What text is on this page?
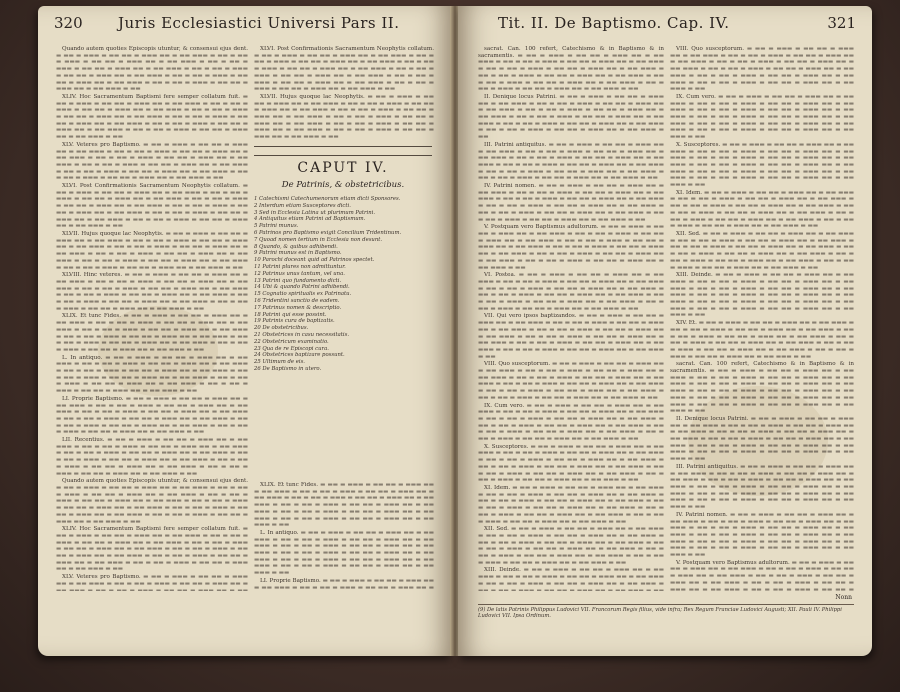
320 Juris Ecclesiastici Universi Pars II.

Quando autem quoties Episcopis utuntur, & consensui ejus dent. ▬ ▬▬ ▬ ▬▬▬ ▬ ▬▬ ▬▬ ▬ ▬▬▬ ▬▬ ▬ ▬▬ ▬▬▬ ▬ ▬▬ ▬ ▬▬ ▬ ▬▬▬ ▬ ▬▬ ▬▬ ▬ ▬▬▬ ▬▬ ▬ ▬▬ ▬▬▬ ▬ ▬▬ ▬ ▬▬ ▬ ▬▬▬ ▬ ▬▬ ▬▬ ▬ ▬▬▬ ▬▬ ▬ ▬▬ ▬▬▬ ▬ ▬▬ ▬ ▬▬ ▬ ▬▬▬ ▬ ▬▬ ▬▬ ▬ ▬▬▬ ▬▬ ▬ ▬▬ ▬▬▬ ▬ ▬▬ ▬ ▬▬ ▬ ▬▬▬ ▬ ▬▬ ▬▬ ▬ ▬▬▬ ▬▬ ▬ ▬▬ ▬▬▬ ▬ ▬▬ ▬ ▬▬ ▬ ▬▬▬ ▬ ▬▬ ▬▬ ▬ ▬▬▬ ▬▬ ▬ ▬▬ ▬▬▬ ▬ ▬▬

XLIV. Hoc Sacramentum Baptismi fere semper collatum fuit. ▬ ▬▬ ▬ ▬▬▬ ▬ ▬▬ ▬▬ ▬ ▬▬▬ ▬▬ ▬ ▬▬ ▬▬▬ ▬ ▬▬ ▬ ▬▬ ▬ ▬▬▬ ▬ ▬▬ ▬▬ ▬ ▬▬▬ ▬▬ ▬ ▬▬ ▬▬▬ ▬ ▬▬ ▬ ▬▬ ▬ ▬▬▬ ▬ ▬▬ ▬▬ ▬ ▬▬▬ ▬▬ ▬ ▬▬ ▬▬▬ ▬ ▬▬ ▬ ▬▬ ▬ ▬▬▬ ▬ ▬▬ ▬▬ ▬ ▬▬▬ ▬▬ ▬ ▬▬ ▬▬▬ ▬ ▬▬ ▬ ▬▬ ▬ ▬▬▬ ▬ ▬▬ ▬▬ ▬ ▬▬▬ ▬▬ ▬ ▬▬ ▬▬▬ ▬ ▬▬ ▬ ▬▬ ▬ ▬▬▬ ▬ ▬▬ ▬▬ ▬ ▬▬▬ ▬▬ ▬ ▬▬ ▬▬▬ ▬ ▬▬

XLV. Veteres pro Baptismo. ▬ ▬▬ ▬ ▬▬▬ ▬ ▬▬ ▬▬ ▬ ▬▬▬ ▬▬ ▬ ▬▬ ▬▬▬ ▬ ▬▬ ▬ ▬▬ ▬ ▬▬▬ ▬ ▬▬ ▬▬ ▬ ▬▬▬ ▬▬ ▬ ▬▬ ▬▬▬ ▬ ▬▬ ▬ ▬▬ ▬ ▬▬▬ ▬ ▬▬ ▬▬ ▬ ▬▬▬ ▬▬ ▬ ▬▬ ▬▬▬ ▬ ▬▬ ▬ ▬▬ ▬ ▬▬▬ ▬ ▬▬ ▬▬ ▬ ▬▬▬ ▬▬ ▬ ▬▬ ▬▬▬ ▬ ▬▬ ▬ ▬▬ ▬ ▬▬▬ ▬ ▬▬ ▬▬ ▬ ▬▬▬ ▬▬ ▬ ▬▬ ▬▬▬ ▬ ▬▬ ▬ ▬▬ ▬ ▬▬▬ ▬ ▬▬ ▬▬ ▬ ▬▬▬ ▬▬ ▬ ▬▬ ▬▬▬ ▬ ▬▬

XLVI. Post Confirmationis Sacramentum Neophytis collatum. ▬ ▬▬ ▬ ▬▬▬ ▬ ▬▬ ▬▬ ▬ ▬▬▬ ▬▬ ▬ ▬▬ ▬▬▬ ▬ ▬▬ ▬ ▬▬ ▬ ▬▬▬ ▬ ▬▬ ▬▬ ▬ ▬▬▬ ▬▬ ▬ ▬▬ ▬▬▬ ▬ ▬▬ ▬ ▬▬ ▬ ▬▬▬ ▬ ▬▬ ▬▬ ▬ ▬▬▬ ▬▬ ▬ ▬▬ ▬▬▬ ▬ ▬▬ ▬ ▬▬ ▬ ▬▬▬ ▬ ▬▬ ▬▬ ▬ ▬▬▬ ▬▬ ▬ ▬▬ ▬▬▬ ▬ ▬▬ ▬ ▬▬ ▬ ▬▬▬ ▬ ▬▬ ▬▬ ▬ ▬▬▬ ▬▬ ▬ ▬▬ ▬▬▬ ▬ ▬▬ ▬ ▬▬ ▬ ▬▬▬ ▬ ▬▬ ▬▬ ▬ ▬▬▬ ▬▬ ▬ ▬▬ ▬▬▬ ▬ ▬▬

XLVII. Hujus quoque lac Neophytis. ▬ ▬▬ ▬ ▬▬▬ ▬ ▬▬ ▬▬ ▬ ▬▬▬ ▬▬ ▬ ▬▬ ▬▬▬ ▬ ▬▬ ▬ ▬▬ ▬ ▬▬▬ ▬ ▬▬ ▬▬ ▬ ▬▬▬ ▬▬ ▬ ▬▬ ▬▬▬ ▬ ▬▬ ▬ ▬▬ ▬ ▬▬▬ ▬ ▬▬ ▬▬ ▬ ▬▬▬ ▬▬ ▬ ▬▬ ▬▬▬ ▬ ▬▬ ▬ ▬▬ ▬ ▬▬▬ ▬ ▬▬ ▬▬ ▬ ▬▬▬ ▬▬ ▬ ▬▬ ▬▬▬ ▬ ▬▬ ▬ ▬▬ ▬ ▬▬▬ ▬ ▬▬ ▬▬ ▬ ▬▬▬ ▬▬ ▬ ▬▬ ▬▬▬ ▬ ▬▬ ▬ ▬▬ ▬ ▬▬▬ ▬ ▬▬ ▬▬ ▬ ▬▬▬ ▬▬ ▬ ▬▬ ▬▬▬ ▬ ▬▬

XLVIII. Hinc veteres. ▬ ▬▬ ▬ ▬▬▬ ▬ ▬▬ ▬▬ ▬ ▬▬▬ ▬▬ ▬ ▬▬ ▬▬▬ ▬ ▬▬ ▬ ▬▬ ▬ ▬▬▬ ▬ ▬▬ ▬▬ ▬ ▬▬▬ ▬▬ ▬ ▬▬ ▬▬▬ ▬ ▬▬ ▬ ▬▬ ▬ ▬▬▬ ▬ ▬▬ ▬▬ ▬ ▬▬▬ ▬▬ ▬ ▬▬ ▬▬▬ ▬ ▬▬ ▬ ▬▬ ▬ ▬▬▬ ▬ ▬▬ ▬▬ ▬ ▬▬▬ ▬▬ ▬ ▬▬ ▬▬▬ ▬ ▬▬ ▬ ▬▬ ▬ ▬▬▬ ▬ ▬▬ ▬▬ ▬ ▬▬▬ ▬▬ ▬ ▬▬ ▬▬▬ ▬ ▬▬ ▬ ▬▬ ▬ ▬▬▬ ▬ ▬▬ ▬▬ ▬ ▬▬▬ ▬▬ ▬ ▬▬ ▬▬▬ ▬ ▬▬

XLIX. Et tunc Fides. ▬ ▬▬ ▬ ▬▬▬ ▬ ▬▬ ▬▬ ▬ ▬▬▬ ▬▬ ▬ ▬▬ ▬▬▬ ▬ ▬▬ ▬ ▬▬ ▬ ▬▬▬ ▬ ▬▬ ▬▬ ▬ ▬▬▬ ▬▬ ▬ ▬▬ ▬▬▬ ▬ ▬▬ ▬ ▬▬ ▬ ▬▬▬ ▬ ▬▬ ▬▬ ▬ ▬▬▬ ▬▬ ▬ ▬▬ ▬▬▬ ▬ ▬▬ ▬ ▬▬ ▬ ▬▬▬ ▬ ▬▬ ▬▬ ▬ ▬▬▬ ▬▬ ▬ ▬▬ ▬▬▬ ▬ ▬▬ ▬ ▬▬ ▬ ▬▬▬ ▬ ▬▬ ▬▬ ▬ ▬▬▬ ▬▬ ▬ ▬▬ ▬▬▬ ▬ ▬▬ ▬ ▬▬ ▬ ▬▬▬ ▬ ▬▬ ▬▬ ▬ ▬▬▬ ▬▬ ▬ ▬▬ ▬▬▬ ▬ ▬▬

L. In antiquo. ▬ ▬▬ ▬ ▬▬▬ ▬ ▬▬ ▬▬ ▬ ▬▬▬ ▬▬ ▬ ▬▬ ▬▬▬ ▬ ▬▬ ▬ ▬▬ ▬ ▬▬▬ ▬ ▬▬ ▬▬ ▬ ▬▬▬ ▬▬ ▬ ▬▬ ▬▬▬ ▬ ▬▬ ▬ ▬▬ ▬ ▬▬▬ ▬ ▬▬ ▬▬ ▬ ▬▬▬ ▬▬ ▬ ▬▬ ▬▬▬ ▬ ▬▬ ▬ ▬▬ ▬ ▬▬▬ ▬ ▬▬ ▬▬ ▬ ▬▬▬ ▬▬ ▬ ▬▬ ▬▬▬ ▬ ▬▬ ▬ ▬▬ ▬ ▬▬▬ ▬ ▬▬ ▬▬ ▬ ▬▬▬ ▬▬ ▬ ▬▬ ▬▬▬ ▬ ▬▬ ▬ ▬▬ ▬ ▬▬▬ ▬ ▬▬ ▬▬ ▬ ▬▬▬ ▬▬ ▬ ▬▬ ▬▬▬ ▬ ▬▬

LI. Proprie Baptismo. ▬ ▬▬ ▬ ▬▬▬ ▬ ▬▬ ▬▬ ▬ ▬▬▬ ▬▬ ▬ ▬▬ ▬▬▬ ▬ ▬▬ ▬ ▬▬ ▬ ▬▬▬ ▬ ▬▬ ▬▬ ▬ ▬▬▬ ▬▬ ▬ ▬▬ ▬▬▬ ▬ ▬▬ ▬ ▬▬ ▬ ▬▬▬ ▬ ▬▬ ▬▬ ▬ ▬▬▬ ▬▬ ▬ ▬▬ ▬▬▬ ▬ ▬▬ ▬ ▬▬ ▬ ▬▬▬ ▬ ▬▬ ▬▬ ▬ ▬▬▬ ▬▬ ▬ ▬▬ ▬▬▬ ▬ ▬▬ ▬ ▬▬ ▬ ▬▬▬ ▬ ▬▬ ▬▬ ▬ ▬▬▬ ▬▬ ▬ ▬▬ ▬▬▬ ▬ ▬▬ ▬ ▬▬ ▬ ▬▬▬ ▬ ▬▬ ▬▬ ▬ ▬▬▬ ▬▬ ▬ ▬▬ ▬▬▬ ▬ ▬▬

LII. Recentius. ▬ ▬▬ ▬ ▬▬▬ ▬ ▬▬ ▬▬ ▬ ▬▬▬ ▬▬ ▬ ▬▬ ▬▬▬ ▬ ▬▬ ▬ ▬▬ ▬ ▬▬▬ ▬ ▬▬ ▬▬ ▬ ▬▬▬ ▬▬ ▬ ▬▬ ▬▬▬ ▬ ▬▬ ▬ ▬▬ ▬ ▬▬▬ ▬ ▬▬ ▬▬ ▬ ▬▬▬ ▬▬ ▬ ▬▬ ▬▬▬ ▬ ▬▬ ▬ ▬▬ ▬ ▬▬▬ ▬ ▬▬ ▬▬ ▬ ▬▬▬ ▬▬ ▬ ▬▬ ▬▬▬ ▬ ▬▬ ▬ ▬▬ ▬ ▬▬▬ ▬ ▬▬ ▬▬ ▬ ▬▬▬ ▬▬ ▬ ▬▬ ▬▬▬ ▬ ▬▬ ▬ ▬▬ ▬ ▬▬▬ ▬ ▬▬ ▬▬ ▬ ▬▬▬ ▬▬ ▬ ▬▬ ▬▬▬ ▬ ▬▬

Quando autem quoties Episcopis utuntur, & consensui ejus dent. ▬ ▬▬ ▬ ▬▬▬ ▬ ▬▬ ▬▬ ▬ ▬▬▬ ▬▬ ▬ ▬▬ ▬▬▬ ▬ ▬▬ ▬ ▬▬ ▬ ▬▬▬ ▬ ▬▬ ▬▬ ▬ ▬▬▬ ▬▬ ▬ ▬▬ ▬▬▬ ▬ ▬▬ ▬ ▬▬ ▬ ▬▬▬ ▬ ▬▬ ▬▬ ▬ ▬▬▬ ▬▬ ▬ ▬▬ ▬▬▬ ▬ ▬▬ ▬ ▬▬ ▬ ▬▬▬ ▬ ▬▬ ▬▬ ▬ ▬▬▬ ▬▬ ▬ ▬▬ ▬▬▬ ▬ ▬▬ ▬ ▬▬ ▬ ▬▬▬ ▬ ▬▬ ▬▬ ▬ ▬▬▬ ▬▬ ▬ ▬▬ ▬▬▬ ▬ ▬▬ ▬ ▬▬ ▬ ▬▬▬ ▬ ▬▬ ▬▬ ▬ ▬▬▬ ▬▬ ▬ ▬▬ ▬▬▬ ▬ ▬▬

XLIV. Hoc Sacramentum Baptismi fere semper collatum fuit. ▬ ▬▬ ▬ ▬▬▬ ▬ ▬▬ ▬▬ ▬ ▬▬▬ ▬▬ ▬ ▬▬ ▬▬▬ ▬ ▬▬ ▬ ▬▬ ▬ ▬▬▬ ▬ ▬▬ ▬▬ ▬ ▬▬▬ ▬▬ ▬ ▬▬ ▬▬▬ ▬ ▬▬ ▬ ▬▬ ▬ ▬▬▬ ▬ ▬▬ ▬▬ ▬ ▬▬▬ ▬▬ ▬ ▬▬ ▬▬▬ ▬ ▬▬ ▬ ▬▬ ▬ ▬▬▬ ▬ ▬▬ ▬▬ ▬ ▬▬▬ ▬▬ ▬ ▬▬ ▬▬▬ ▬ ▬▬ ▬ ▬▬ ▬ ▬▬▬ ▬ ▬▬ ▬▬ ▬ ▬▬▬ ▬▬ ▬ ▬▬ ▬▬▬ ▬ ▬▬ ▬ ▬▬ ▬ ▬▬▬ ▬ ▬▬ ▬▬ ▬ ▬▬▬ ▬▬ ▬ ▬▬ ▬▬▬ ▬ ▬▬

XLV. Veteres pro Baptismo. ▬ ▬▬ ▬ ▬▬▬ ▬ ▬▬ ▬▬ ▬ ▬▬▬ ▬▬ ▬ ▬▬ ▬▬▬ ▬ ▬▬ ▬ ▬▬ ▬ ▬▬▬ ▬ ▬▬ ▬▬ ▬ ▬▬▬ ▬▬ ▬ ▬▬ ▬▬▬ ▬ ▬▬ ▬ ▬▬ ▬ ▬▬▬ ▬ ▬▬ ▬▬ ▬ ▬▬▬ ▬▬ ▬ ▬▬

XLVI. Post Confirmationis Sacramentum Neophytis collatum. ▬ ▬▬ ▬ ▬▬▬ ▬ ▬▬ ▬▬ ▬ ▬▬▬ ▬▬ ▬ ▬▬ ▬▬▬ ▬ ▬▬ ▬ ▬▬ ▬ ▬▬▬ ▬ ▬▬ ▬▬ ▬ ▬▬▬ ▬▬ ▬ ▬▬ ▬▬▬ ▬ ▬▬ ▬ ▬▬ ▬ ▬▬▬ ▬ ▬▬ ▬▬ ▬ ▬▬▬ ▬▬ ▬ ▬▬ ▬▬▬ ▬ ▬▬ ▬ ▬▬ ▬ ▬▬▬ ▬ ▬▬ ▬▬ ▬ ▬▬▬ ▬▬ ▬ ▬▬ ▬▬▬ ▬ ▬▬ ▬ ▬▬ ▬ ▬▬▬ ▬ ▬▬ ▬▬ ▬ ▬▬▬ ▬▬ ▬ ▬▬ ▬▬▬ ▬ ▬▬ ▬ ▬▬ ▬ ▬▬▬ ▬ ▬▬ ▬▬ ▬ ▬▬▬ ▬▬ ▬ ▬▬ ▬▬▬ ▬ ▬▬

XLVII. Hujus quoque lac Neophytis. ▬ ▬▬ ▬ ▬▬▬ ▬ ▬▬ ▬▬ ▬ ▬▬▬ ▬▬ ▬ ▬▬ ▬▬▬ ▬ ▬▬ ▬ ▬▬ ▬ ▬▬▬ ▬ ▬▬ ▬▬ ▬ ▬▬▬ ▬▬ ▬ ▬▬ ▬▬▬ ▬ ▬▬ ▬ ▬▬ ▬ ▬▬▬ ▬ ▬▬ ▬▬ ▬ ▬▬▬ ▬▬ ▬ ▬▬ ▬▬▬ ▬ ▬▬ ▬ ▬▬ ▬ ▬▬▬ ▬ ▬▬ ▬▬ ▬ ▬▬▬ ▬▬ ▬ ▬▬ ▬▬▬ ▬ ▬▬ ▬ ▬▬ ▬ ▬▬▬ ▬ ▬▬ ▬▬ ▬ ▬▬▬ ▬▬ ▬ ▬▬ ▬▬▬ ▬ ▬▬ ▬ ▬▬ ▬ ▬▬▬ ▬ ▬▬ ▬▬ ▬ ▬▬▬ ▬▬ ▬ ▬▬ ▬▬▬ ▬ ▬▬

CAPUT IV.
De Patrinis, & obstetricibus.
1 Catechismi Catechumenorum etiam dicti Sponsores.
2 Interdum etiam Susceptores dicti.
3 Sed in Ecclesia Latina ut plurimum Patrini.
4 Antiquitus etiam Patrini ad Baptismum.
5 Patrini munus.
6 Patrinos pro Baptismo exigit Concilium Tridentinum.
7 Quoad nomen tertium in Ecclesia non desunt.
8 Quando, & quibus adhibendi.
9 Patrini munus est in Baptismo.
10 Parochi doceant quid ad Patrinos spectet.
11 Patrini plures non admittuntur.
12 Patrinus unus tantum, vel una.
13 Patrini quo fundamento dicti.
14 Ubi & quando Patrini adhibendi.
15 Cognatio spiritualis ex Patrinatu.
16 Tridentini sanctio de eadem.
17 Patrinus nomen & descriptio.
18 Patrini qui esse possint.
19 Patrinis cura de baptizatis.
20 De obstetricibus.
21 Obstetrices in casu necessitatis.
22 Obstetricum examinatio.
23 Qua de re Episcopi cura.
24 Obstetrices baptizare possunt.
25 Ultimum de eis.
26 De Baptismo in utero.

XLIX. Et tunc Fides. ▬ ▬▬ ▬ ▬▬▬ ▬ ▬▬ ▬▬ ▬ ▬▬▬ ▬▬ ▬ ▬▬ ▬▬▬ ▬ ▬▬ ▬ ▬▬ ▬ ▬▬▬ ▬ ▬▬ ▬▬ ▬ ▬▬▬ ▬▬ ▬ ▬▬ ▬▬▬ ▬ ▬▬ ▬ ▬▬ ▬ ▬▬▬ ▬ ▬▬ ▬▬ ▬ ▬▬▬ ▬▬ ▬ ▬▬ ▬▬▬ ▬ ▬▬ ▬ ▬▬ ▬ ▬▬▬ ▬ ▬▬ ▬▬ ▬ ▬▬▬ ▬▬ ▬ ▬▬ ▬▬▬ ▬ ▬▬ ▬ ▬▬ ▬ ▬▬▬ ▬ ▬▬ ▬▬ ▬ ▬▬▬ ▬▬ ▬ ▬▬ ▬▬▬ ▬ ▬▬ ▬ ▬▬ ▬ ▬▬▬ ▬ ▬▬ ▬▬ ▬ ▬▬▬ ▬▬ ▬ ▬▬ ▬▬▬ ▬ ▬▬

L. In antiquo. ▬ ▬▬ ▬ ▬▬▬ ▬ ▬▬ ▬▬ ▬ ▬▬▬ ▬▬ ▬ ▬▬ ▬▬▬ ▬ ▬▬ ▬ ▬▬ ▬ ▬▬▬ ▬ ▬▬ ▬▬ ▬ ▬▬▬ ▬▬ ▬ ▬▬ ▬▬▬ ▬ ▬▬ ▬ ▬▬ ▬ ▬▬▬ ▬ ▬▬ ▬▬ ▬ ▬▬▬ ▬▬ ▬ ▬▬ ▬▬▬ ▬ ▬▬ ▬ ▬▬ ▬ ▬▬▬ ▬ ▬▬ ▬▬ ▬ ▬▬▬ ▬▬ ▬ ▬▬ ▬▬▬ ▬ ▬▬ ▬ ▬▬ ▬ ▬▬▬ ▬ ▬▬ ▬▬ ▬ ▬▬▬ ▬▬ ▬ ▬▬ ▬▬▬ ▬ ▬▬ ▬ ▬▬ ▬ ▬▬▬ ▬ ▬▬ ▬▬ ▬ ▬▬▬ ▬▬ ▬ ▬▬ ▬▬▬ ▬ ▬▬

LI. Proprie Baptismo. ▬ ▬▬ ▬ ▬▬▬ ▬ ▬▬ ▬▬ ▬ ▬▬▬ ▬▬ ▬ ▬▬ ▬▬▬ ▬ ▬▬ ▬ ▬▬ ▬ ▬▬▬ ▬ ▬▬ ▬▬ ▬ ▬▬▬ ▬▬ ▬

Tit. II. De Baptismo. Cap. IV.	321

sacrat. Can. 100 refert, Catechismo & in Baptismo & in sacramentis. ▬ ▬▬ ▬ ▬▬▬ ▬ ▬▬ ▬▬ ▬ ▬▬▬ ▬▬ ▬ ▬▬ ▬▬▬ ▬ ▬▬ ▬ ▬▬ ▬ ▬▬▬ ▬ ▬▬ ▬▬ ▬ ▬▬▬ ▬▬ ▬ ▬▬ ▬▬▬ ▬ ▬▬ ▬ ▬▬ ▬ ▬▬▬ ▬ ▬▬ ▬▬ ▬ ▬▬▬ ▬▬ ▬ ▬▬ ▬▬▬ ▬ ▬▬ ▬ ▬▬ ▬ ▬▬▬ ▬ ▬▬ ▬▬ ▬ ▬▬▬ ▬▬ ▬ ▬▬ ▬▬▬ ▬ ▬▬ ▬ ▬▬ ▬ ▬▬▬ ▬ ▬▬ ▬▬ ▬ ▬▬▬ ▬▬ ▬ ▬▬ ▬▬▬ ▬ ▬▬ ▬ ▬▬ ▬ ▬▬▬ ▬ ▬▬ ▬▬ ▬ ▬▬▬ ▬▬ ▬ ▬▬ ▬▬▬ ▬ ▬▬

II. Denique locus Patrini. ▬ ▬▬ ▬ ▬▬▬ ▬ ▬▬ ▬▬ ▬ ▬▬▬ ▬▬ ▬ ▬▬ ▬▬▬ ▬ ▬▬ ▬ ▬▬ ▬ ▬▬▬ ▬ ▬▬ ▬▬ ▬ ▬▬▬ ▬▬ ▬ ▬▬ ▬▬▬ ▬ ▬▬ ▬ ▬▬ ▬ ▬▬▬ ▬ ▬▬ ▬▬ ▬ ▬▬▬ ▬▬ ▬ ▬▬ ▬▬▬ ▬ ▬▬ ▬ ▬▬ ▬ ▬▬▬ ▬ ▬▬ ▬▬ ▬ ▬▬▬ ▬▬ ▬ ▬▬ ▬▬▬ ▬ ▬▬ ▬ ▬▬ ▬ ▬▬▬ ▬ ▬▬ ▬▬ ▬ ▬▬▬ ▬▬ ▬ ▬▬ ▬▬▬ ▬ ▬▬ ▬ ▬▬ ▬ ▬▬▬ ▬ ▬▬ ▬▬ ▬ ▬▬▬ ▬▬ ▬ ▬▬ ▬▬▬ ▬ ▬▬

III. Patrini antiquitus. ▬ ▬▬ ▬ ▬▬▬ ▬ ▬▬ ▬▬ ▬ ▬▬▬ ▬▬ ▬ ▬▬ ▬▬▬ ▬ ▬▬ ▬ ▬▬ ▬ ▬▬▬ ▬ ▬▬ ▬▬ ▬ ▬▬▬ ▬▬ ▬ ▬▬ ▬▬▬ ▬ ▬▬ ▬ ▬▬ ▬ ▬▬▬ ▬ ▬▬ ▬▬ ▬ ▬▬▬ ▬▬ ▬ ▬▬ ▬▬▬ ▬ ▬▬ ▬ ▬▬ ▬ ▬▬▬ ▬ ▬▬ ▬▬ ▬ ▬▬▬ ▬▬ ▬ ▬▬ ▬▬▬ ▬ ▬▬ ▬ ▬▬ ▬ ▬▬▬ ▬ ▬▬ ▬▬ ▬ ▬▬▬ ▬▬ ▬ ▬▬ ▬▬▬ ▬ ▬▬ ▬ ▬▬ ▬ ▬▬▬ ▬ ▬▬ ▬▬ ▬ ▬▬▬ ▬▬ ▬ ▬▬ ▬▬▬ ▬ ▬▬

IV. Patrini nomen. ▬ ▬▬ ▬ ▬▬▬ ▬ ▬▬ ▬▬ ▬ ▬▬▬ ▬▬ ▬ ▬▬ ▬▬▬ ▬ ▬▬ ▬ ▬▬ ▬ ▬▬▬ ▬ ▬▬ ▬▬ ▬ ▬▬▬ ▬▬ ▬ ▬▬ ▬▬▬ ▬ ▬▬ ▬ ▬▬ ▬ ▬▬▬ ▬ ▬▬ ▬▬ ▬ ▬▬▬ ▬▬ ▬ ▬▬ ▬▬▬ ▬ ▬▬ ▬ ▬▬ ▬ ▬▬▬ ▬ ▬▬ ▬▬ ▬ ▬▬▬ ▬▬ ▬ ▬▬ ▬▬▬ ▬ ▬▬ ▬ ▬▬ ▬ ▬▬▬ ▬ ▬▬ ▬▬ ▬ ▬▬▬ ▬▬ ▬ ▬▬ ▬▬▬ ▬ ▬▬ ▬ ▬▬ ▬ ▬▬▬ ▬ ▬▬ ▬▬ ▬ ▬▬▬ ▬▬ ▬ ▬▬ ▬▬▬ ▬ ▬▬

V. Postquam vero Baptismus adultorum. ▬ ▬▬ ▬ ▬▬▬ ▬ ▬▬ ▬▬ ▬ ▬▬▬ ▬▬ ▬ ▬▬ ▬▬▬ ▬ ▬▬ ▬ ▬▬ ▬ ▬▬▬ ▬ ▬▬ ▬▬ ▬ ▬▬▬ ▬▬ ▬ ▬▬ ▬▬▬ ▬ ▬▬ ▬ ▬▬ ▬ ▬▬▬ ▬ ▬▬ ▬▬ ▬ ▬▬▬ ▬▬ ▬ ▬▬ ▬▬▬ ▬ ▬▬ ▬ ▬▬ ▬ ▬▬▬ ▬ ▬▬ ▬▬ ▬ ▬▬▬ ▬▬ ▬ ▬▬ ▬▬▬ ▬ ▬▬ ▬ ▬▬ ▬ ▬▬▬ ▬ ▬▬ ▬▬ ▬ ▬▬▬ ▬▬ ▬ ▬▬ ▬▬▬ ▬ ▬▬ ▬ ▬▬ ▬ ▬▬▬ ▬ ▬▬ ▬▬ ▬ ▬▬▬ ▬▬ ▬ ▬▬ ▬▬▬ ▬ ▬▬

VI. Postea. ▬ ▬▬ ▬ ▬▬▬ ▬ ▬▬ ▬▬ ▬ ▬▬▬ ▬▬ ▬ ▬▬ ▬▬▬ ▬ ▬▬ ▬ ▬▬ ▬ ▬▬▬ ▬ ▬▬ ▬▬ ▬ ▬▬▬ ▬▬ ▬ ▬▬ ▬▬▬ ▬ ▬▬ ▬ ▬▬ ▬ ▬▬▬ ▬ ▬▬ ▬▬ ▬ ▬▬▬ ▬▬ ▬ ▬▬ ▬▬▬ ▬ ▬▬ ▬ ▬▬ ▬ ▬▬▬ ▬ ▬▬ ▬▬ ▬ ▬▬▬ ▬▬ ▬ ▬▬ ▬▬▬ ▬ ▬▬ ▬ ▬▬ ▬ ▬▬▬ ▬ ▬▬ ▬▬ ▬ ▬▬▬ ▬▬ ▬ ▬▬ ▬▬▬ ▬ ▬▬ ▬ ▬▬ ▬ ▬▬▬ ▬ ▬▬ ▬▬ ▬ ▬▬▬ ▬▬ ▬ ▬▬ ▬▬▬ ▬ ▬▬

VII. Qui vero ipsos baptizandos. ▬ ▬▬ ▬ ▬▬▬ ▬ ▬▬ ▬▬ ▬ ▬▬▬ ▬▬ ▬ ▬▬ ▬▬▬ ▬ ▬▬ ▬ ▬▬ ▬ ▬▬▬ ▬ ▬▬ ▬▬ ▬ ▬▬▬ ▬▬ ▬ ▬▬ ▬▬▬ ▬ ▬▬ ▬ ▬▬ ▬ ▬▬▬ ▬ ▬▬ ▬▬ ▬ ▬▬▬ ▬▬ ▬ ▬▬ ▬▬▬ ▬ ▬▬ ▬ ▬▬ ▬ ▬▬▬ ▬ ▬▬ ▬▬ ▬ ▬▬▬ ▬▬ ▬ ▬▬ ▬▬▬ ▬ ▬▬ ▬ ▬▬ ▬ ▬▬▬ ▬ ▬▬ ▬▬ ▬ ▬▬▬ ▬▬ ▬ ▬▬ ▬▬▬ ▬ ▬▬ ▬ ▬▬ ▬ ▬▬▬ ▬ ▬▬ ▬▬ ▬ ▬▬▬ ▬▬ ▬ ▬▬ ▬▬▬ ▬ ▬▬

VIII. Quo susceptorum. ▬ ▬▬ ▬ ▬▬▬ ▬ ▬▬ ▬▬ ▬ ▬▬▬ ▬▬ ▬ ▬▬ ▬▬▬ ▬ ▬▬ ▬ ▬▬ ▬ ▬▬▬ ▬ ▬▬ ▬▬ ▬ ▬▬▬ ▬▬ ▬ ▬▬ ▬▬▬ ▬ ▬▬ ▬ ▬▬ ▬ ▬▬▬ ▬ ▬▬ ▬▬ ▬ ▬▬▬ ▬▬ ▬ ▬▬ ▬▬▬ ▬ ▬▬ ▬ ▬▬ ▬ ▬▬▬ ▬ ▬▬ ▬▬ ▬ ▬▬▬ ▬▬ ▬ ▬▬ ▬▬▬ ▬ ▬▬ ▬ ▬▬ ▬ ▬▬▬ ▬ ▬▬ ▬▬ ▬ ▬▬▬ ▬▬ ▬ ▬▬ ▬▬▬ ▬ ▬▬ ▬ ▬▬ ▬ ▬▬▬ ▬ ▬▬ ▬▬ ▬ ▬▬▬ ▬▬ ▬ ▬▬ ▬▬▬ ▬ ▬▬

IX. Cum vero. ▬ ▬▬ ▬ ▬▬▬ ▬ ▬▬ ▬▬ ▬ ▬▬▬ ▬▬ ▬ ▬▬ ▬▬▬ ▬ ▬▬ ▬ ▬▬ ▬ ▬▬▬ ▬ ▬▬ ▬▬ ▬ ▬▬▬ ▬▬ ▬ ▬▬ ▬▬▬ ▬ ▬▬ ▬ ▬▬ ▬ ▬▬▬ ▬ ▬▬ ▬▬ ▬ ▬▬▬ ▬▬ ▬ ▬▬ ▬▬▬ ▬ ▬▬ ▬ ▬▬ ▬ ▬▬▬ ▬ ▬▬ ▬▬ ▬ ▬▬▬ ▬▬ ▬ ▬▬ ▬▬▬ ▬ ▬▬ ▬ ▬▬ ▬ ▬▬▬ ▬ ▬▬ ▬▬ ▬ ▬▬▬ ▬▬ ▬ ▬▬ ▬▬▬ ▬ ▬▬ ▬ ▬▬ ▬ ▬▬▬ ▬ ▬▬ ▬▬ ▬ ▬▬▬ ▬▬ ▬ ▬▬ ▬▬▬ ▬ ▬▬

X. Susceptores. ▬ ▬▬ ▬ ▬▬▬ ▬ ▬▬ ▬▬ ▬ ▬▬▬ ▬▬ ▬ ▬▬ ▬▬▬ ▬ ▬▬ ▬ ▬▬ ▬ ▬▬▬ ▬ ▬▬ ▬▬ ▬ ▬▬▬ ▬▬ ▬ ▬▬ ▬▬▬ ▬ ▬▬ ▬ ▬▬ ▬ ▬▬▬ ▬ ▬▬ ▬▬ ▬ ▬▬▬ ▬▬ ▬ ▬▬ ▬▬▬ ▬ ▬▬ ▬ ▬▬ ▬ ▬▬▬ ▬ ▬▬ ▬▬ ▬ ▬▬▬ ▬▬ ▬ ▬▬ ▬▬▬ ▬ ▬▬ ▬ ▬▬ ▬ ▬▬▬ ▬ ▬▬ ▬▬ ▬ ▬▬▬ ▬▬ ▬ ▬▬ ▬▬▬ ▬ ▬▬ ▬ ▬▬ ▬ ▬▬▬ ▬ ▬▬ ▬▬ ▬ ▬▬▬ ▬▬ ▬ ▬▬ ▬▬▬ ▬ ▬▬

XI. Idem. ▬ ▬▬ ▬ ▬▬▬ ▬ ▬▬ ▬▬ ▬ ▬▬▬ ▬▬ ▬ ▬▬ ▬▬▬ ▬ ▬▬ ▬ ▬▬ ▬ ▬▬▬ ▬ ▬▬ ▬▬ ▬ ▬▬▬ ▬▬ ▬ ▬▬ ▬▬▬ ▬ ▬▬ ▬ ▬▬ ▬ ▬▬▬ ▬ ▬▬ ▬▬ ▬ ▬▬▬ ▬▬ ▬ ▬▬ ▬▬▬ ▬ ▬▬ ▬ ▬▬ ▬ ▬▬▬ ▬ ▬▬ ▬▬ ▬ ▬▬▬ ▬▬ ▬ ▬▬ ▬▬▬ ▬ ▬▬ ▬ ▬▬ ▬ ▬▬▬ ▬ ▬▬ ▬▬ ▬ ▬▬▬ ▬▬ ▬ ▬▬ ▬▬▬ ▬ ▬▬ ▬ ▬▬ ▬ ▬▬▬ ▬ ▬▬ ▬▬ ▬ ▬▬▬ ▬▬ ▬ ▬▬ ▬▬▬ ▬ ▬▬

XII. Sed. ▬ ▬▬ ▬ ▬▬▬ ▬ ▬▬ ▬▬ ▬ ▬▬▬ ▬▬ ▬ ▬▬ ▬▬▬ ▬ ▬▬ ▬ ▬▬ ▬ ▬▬▬ ▬ ▬▬ ▬▬ ▬ ▬▬▬ ▬▬ ▬ ▬▬ ▬▬▬ ▬ ▬▬ ▬ ▬▬ ▬ ▬▬▬ ▬ ▬▬ ▬▬ ▬ ▬▬▬ ▬▬ ▬ ▬▬ ▬▬▬ ▬ ▬▬ ▬ ▬▬ ▬ ▬▬▬ ▬ ▬▬ ▬▬ ▬ ▬▬▬ ▬▬ ▬ ▬▬ ▬▬▬ ▬ ▬▬ ▬ ▬▬ ▬ ▬▬▬ ▬ ▬▬ ▬▬ ▬ ▬▬▬ ▬▬ ▬ ▬▬ ▬▬▬ ▬ ▬▬ ▬ ▬▬ ▬ ▬▬▬ ▬ ▬▬ ▬▬ ▬ ▬▬▬ ▬▬ ▬ ▬▬ ▬▬▬ ▬ ▬▬

XIII. Deinde. ▬ ▬▬ ▬ ▬▬▬ ▬ ▬▬ ▬▬ ▬ ▬▬▬ ▬▬ ▬ ▬▬ ▬▬▬ ▬ ▬▬ ▬ ▬▬ ▬ ▬▬▬ ▬ ▬▬ ▬▬ ▬ ▬▬▬ ▬▬ ▬ ▬▬ ▬▬▬ ▬ ▬▬ ▬ ▬▬ ▬ ▬▬▬ ▬ ▬▬ ▬▬ ▬ ▬▬▬ ▬▬ ▬ ▬▬ ▬▬▬ ▬ ▬▬ ▬ ▬▬ ▬ ▬▬▬ ▬ ▬▬ ▬▬ ▬ ▬▬▬ ▬▬ ▬ ▬▬ ▬▬▬ ▬ ▬▬

VIII. Quo susceptorum. ▬ ▬▬ ▬ ▬▬▬ ▬ ▬▬ ▬▬ ▬ ▬▬▬ ▬▬ ▬ ▬▬ ▬▬▬ ▬ ▬▬ ▬ ▬▬ ▬ ▬▬▬ ▬ ▬▬ ▬▬ ▬ ▬▬▬ ▬▬ ▬ ▬▬ ▬▬▬ ▬ ▬▬ ▬ ▬▬ ▬ ▬▬▬ ▬ ▬▬ ▬▬ ▬ ▬▬▬ ▬▬ ▬ ▬▬ ▬▬▬ ▬ ▬▬ ▬ ▬▬ ▬ ▬▬▬ ▬ ▬▬ ▬▬ ▬ ▬▬▬ ▬▬ ▬ ▬▬ ▬▬▬ ▬ ▬▬ ▬ ▬▬ ▬ ▬▬▬ ▬ ▬▬ ▬▬ ▬ ▬▬▬ ▬▬ ▬ ▬▬ ▬▬▬ ▬ ▬▬ ▬ ▬▬ ▬ ▬▬▬ ▬ ▬▬ ▬▬ ▬ ▬▬▬ ▬▬ ▬ ▬▬ ▬▬▬ ▬ ▬▬

IX. Cum vero. ▬ ▬▬ ▬ ▬▬▬ ▬ ▬▬ ▬▬ ▬ ▬▬▬ ▬▬ ▬ ▬▬ ▬▬▬ ▬ ▬▬ ▬ ▬▬ ▬ ▬▬▬ ▬ ▬▬ ▬▬ ▬ ▬▬▬ ▬▬ ▬ ▬▬ ▬▬▬ ▬ ▬▬ ▬ ▬▬ ▬ ▬▬▬ ▬ ▬▬ ▬▬ ▬ ▬▬▬ ▬▬ ▬ ▬▬ ▬▬▬ ▬ ▬▬ ▬ ▬▬ ▬ ▬▬▬ ▬ ▬▬ ▬▬ ▬ ▬▬▬ ▬▬ ▬ ▬▬ ▬▬▬ ▬ ▬▬ ▬ ▬▬ ▬ ▬▬▬ ▬ ▬▬ ▬▬ ▬ ▬▬▬ ▬▬ ▬ ▬▬ ▬▬▬ ▬ ▬▬ ▬ ▬▬ ▬ ▬▬▬ ▬ ▬▬ ▬▬ ▬ ▬▬▬ ▬▬ ▬ ▬▬ ▬▬▬ ▬ ▬▬

X. Susceptores. ▬ ▬▬ ▬ ▬▬▬ ▬ ▬▬ ▬▬ ▬ ▬▬▬ ▬▬ ▬ ▬▬ ▬▬▬ ▬ ▬▬ ▬ ▬▬ ▬ ▬▬▬ ▬ ▬▬ ▬▬ ▬ ▬▬▬ ▬▬ ▬ ▬▬ ▬▬▬ ▬ ▬▬ ▬ ▬▬ ▬ ▬▬▬ ▬ ▬▬ ▬▬ ▬ ▬▬▬ ▬▬ ▬ ▬▬ ▬▬▬ ▬ ▬▬ ▬ ▬▬ ▬ ▬▬▬ ▬ ▬▬ ▬▬ ▬ ▬▬▬ ▬▬ ▬ ▬▬ ▬▬▬ ▬ ▬▬ ▬ ▬▬ ▬ ▬▬▬ ▬ ▬▬ ▬▬ ▬ ▬▬▬ ▬▬ ▬ ▬▬ ▬▬▬ ▬ ▬▬ ▬ ▬▬ ▬ ▬▬▬ ▬ ▬▬ ▬▬ ▬ ▬▬▬ ▬▬ ▬ ▬▬ ▬▬▬ ▬ ▬▬

XI. Idem. ▬ ▬▬ ▬ ▬▬▬ ▬ ▬▬ ▬▬ ▬ ▬▬▬ ▬▬ ▬ ▬▬ ▬▬▬ ▬ ▬▬ ▬ ▬▬ ▬ ▬▬▬ ▬ ▬▬ ▬▬ ▬ ▬▬▬ ▬▬ ▬ ▬▬ ▬▬▬ ▬ ▬▬ ▬ ▬▬ ▬ ▬▬▬ ▬ ▬▬ ▬▬ ▬ ▬▬▬ ▬▬ ▬ ▬▬ ▬▬▬ ▬ ▬▬ ▬ ▬▬ ▬ ▬▬▬ ▬ ▬▬ ▬▬ ▬ ▬▬▬ ▬▬ ▬ ▬▬ ▬▬▬ ▬ ▬▬ ▬ ▬▬ ▬ ▬▬▬ ▬ ▬▬ ▬▬ ▬ ▬▬▬ ▬▬ ▬ ▬▬ ▬▬▬ ▬ ▬▬ ▬ ▬▬ ▬ ▬▬▬ ▬ ▬▬ ▬▬ ▬ ▬▬▬ ▬▬ ▬ ▬▬ ▬▬▬ ▬ ▬▬

XII. Sed. ▬ ▬▬ ▬ ▬▬▬ ▬ ▬▬ ▬▬ ▬ ▬▬▬ ▬▬ ▬ ▬▬ ▬▬▬ ▬ ▬▬ ▬ ▬▬ ▬ ▬▬▬ ▬ ▬▬ ▬▬ ▬ ▬▬▬ ▬▬ ▬ ▬▬ ▬▬▬ ▬ ▬▬ ▬ ▬▬ ▬ ▬▬▬ ▬ ▬▬ ▬▬ ▬ ▬▬▬ ▬▬ ▬ ▬▬ ▬▬▬ ▬ ▬▬ ▬ ▬▬ ▬ ▬▬▬ ▬ ▬▬ ▬▬ ▬ ▬▬▬ ▬▬ ▬ ▬▬ ▬▬▬ ▬ ▬▬ ▬ ▬▬ ▬ ▬▬▬ ▬ ▬▬ ▬▬ ▬ ▬▬▬ ▬▬ ▬ ▬▬ ▬▬▬ ▬ ▬▬ ▬ ▬▬ ▬ ▬▬▬ ▬ ▬▬ ▬▬ ▬ ▬▬▬ ▬▬ ▬ ▬▬ ▬▬▬ ▬ ▬▬

XIII. Deinde. ▬ ▬▬ ▬ ▬▬▬ ▬ ▬▬ ▬▬ ▬ ▬▬▬ ▬▬ ▬ ▬▬ ▬▬▬ ▬ ▬▬ ▬ ▬▬ ▬ ▬▬▬ ▬ ▬▬ ▬▬ ▬ ▬▬▬ ▬▬ ▬ ▬▬ ▬▬▬ ▬ ▬▬ ▬ ▬▬ ▬ ▬▬▬ ▬ ▬▬ ▬▬ ▬ ▬▬▬ ▬▬ ▬ ▬▬ ▬▬▬ ▬ ▬▬ ▬ ▬▬ ▬ ▬▬▬ ▬ ▬▬ ▬▬ ▬ ▬▬▬ ▬▬ ▬ ▬▬ ▬▬▬ ▬ ▬▬ ▬ ▬▬ ▬ ▬▬▬ ▬ ▬▬ ▬▬ ▬ ▬▬▬ ▬▬ ▬ ▬▬ ▬▬▬ ▬ ▬▬ ▬ ▬▬ ▬ ▬▬▬ ▬ ▬▬ ▬▬ ▬ ▬▬▬ ▬▬ ▬ ▬▬ ▬▬▬ ▬ ▬▬

XIV. Et. ▬ ▬▬ ▬ ▬▬▬ ▬ ▬▬ ▬▬ ▬ ▬▬▬ ▬▬ ▬ ▬▬ ▬▬▬ ▬ ▬▬ ▬ ▬▬ ▬ ▬▬▬ ▬ ▬▬ ▬▬ ▬ ▬▬▬ ▬▬ ▬ ▬▬ ▬▬▬ ▬ ▬▬ ▬ ▬▬ ▬ ▬▬▬ ▬ ▬▬ ▬▬ ▬ ▬▬▬ ▬▬ ▬ ▬▬ ▬▬▬ ▬ ▬▬ ▬ ▬▬ ▬ ▬▬▬ ▬ ▬▬ ▬▬ ▬ ▬▬▬ ▬▬ ▬ ▬▬ ▬▬▬ ▬ ▬▬ ▬ ▬▬ ▬ ▬▬▬ ▬ ▬▬ ▬▬ ▬ ▬▬▬ ▬▬ ▬ ▬▬ ▬▬▬ ▬ ▬▬ ▬ ▬▬ ▬ ▬▬▬ ▬ ▬▬ ▬▬ ▬ ▬▬▬ ▬▬ ▬ ▬▬ ▬▬▬ ▬ ▬▬

sacrat. Can. 100 refert, Catechismo & in Baptismo & in sacramentis. ▬ ▬▬ ▬ ▬▬▬ ▬ ▬▬ ▬▬ ▬ ▬▬▬ ▬▬ ▬ ▬▬ ▬▬▬ ▬ ▬▬ ▬ ▬▬ ▬ ▬▬▬ ▬ ▬▬ ▬▬ ▬ ▬▬▬ ▬▬ ▬ ▬▬ ▬▬▬ ▬ ▬▬ ▬ ▬▬ ▬ ▬▬▬ ▬ ▬▬ ▬▬ ▬ ▬▬▬ ▬▬ ▬ ▬▬ ▬▬▬ ▬ ▬▬ ▬ ▬▬ ▬ ▬▬▬ ▬ ▬▬ ▬▬ ▬ ▬▬▬ ▬▬ ▬ ▬▬ ▬▬▬ ▬ ▬▬ ▬ ▬▬ ▬ ▬▬▬ ▬ ▬▬ ▬▬ ▬ ▬▬▬ ▬▬ ▬ ▬▬ ▬▬▬ ▬ ▬▬ ▬ ▬▬ ▬ ▬▬▬ ▬ ▬▬ ▬▬ ▬ ▬▬▬ ▬▬ ▬ ▬▬ ▬▬▬ ▬ ▬▬

II. Denique locus Patrini. ▬ ▬▬ ▬ ▬▬▬ ▬ ▬▬ ▬▬ ▬ ▬▬▬ ▬▬ ▬ ▬▬ ▬▬▬ ▬ ▬▬ ▬ ▬▬ ▬ ▬▬▬ ▬ ▬▬ ▬▬ ▬ ▬▬▬ ▬▬ ▬ ▬▬ ▬▬▬ ▬ ▬▬ ▬ ▬▬ ▬ ▬▬▬ ▬ ▬▬ ▬▬ ▬ ▬▬▬ ▬▬ ▬ ▬▬ ▬▬▬ ▬ ▬▬ ▬ ▬▬ ▬ ▬▬▬ ▬ ▬▬ ▬▬ ▬ ▬▬▬ ▬▬ ▬ ▬▬ ▬▬▬ ▬ ▬▬ ▬ ▬▬ ▬ ▬▬▬ ▬ ▬▬ ▬▬ ▬ ▬▬▬ ▬▬ ▬ ▬▬ ▬▬▬ ▬ ▬▬ ▬ ▬▬ ▬ ▬▬▬ ▬ ▬▬ ▬▬ ▬ ▬▬▬ ▬▬ ▬ ▬▬ ▬▬▬ ▬ ▬▬

III. Patrini antiquitus. ▬ ▬▬ ▬ ▬▬▬ ▬ ▬▬ ▬▬ ▬ ▬▬▬ ▬▬ ▬ ▬▬ ▬▬▬ ▬ ▬▬ ▬ ▬▬ ▬ ▬▬▬ ▬ ▬▬ ▬▬ ▬ ▬▬▬ ▬▬ ▬ ▬▬ ▬▬▬ ▬ ▬▬ ▬ ▬▬ ▬ ▬▬▬ ▬ ▬▬ ▬▬ ▬ ▬▬▬ ▬▬ ▬ ▬▬ ▬▬▬ ▬ ▬▬ ▬ ▬▬ ▬ ▬▬▬ ▬ ▬▬ ▬▬ ▬ ▬▬▬ ▬▬ ▬ ▬▬ ▬▬▬ ▬ ▬▬ ▬ ▬▬ ▬ ▬▬▬ ▬ ▬▬ ▬▬ ▬ ▬▬▬ ▬▬ ▬ ▬▬ ▬▬▬ ▬ ▬▬ ▬ ▬▬ ▬ ▬▬▬ ▬ ▬▬ ▬▬ ▬ ▬▬▬ ▬▬ ▬ ▬▬ ▬▬▬ ▬ ▬▬

IV. Patrini nomen. ▬ ▬▬ ▬ ▬▬▬ ▬ ▬▬ ▬▬ ▬ ▬▬▬ ▬▬ ▬ ▬▬ ▬▬▬ ▬ ▬▬ ▬ ▬▬ ▬ ▬▬▬ ▬ ▬▬ ▬▬ ▬ ▬▬▬ ▬▬ ▬ ▬▬ ▬▬▬ ▬ ▬▬ ▬ ▬▬ ▬ ▬▬▬ ▬ ▬▬ ▬▬ ▬ ▬▬▬ ▬▬ ▬ ▬▬ ▬▬▬ ▬ ▬▬ ▬ ▬▬ ▬ ▬▬▬ ▬ ▬▬ ▬▬ ▬ ▬▬▬ ▬▬ ▬ ▬▬ ▬▬▬ ▬ ▬▬ ▬ ▬▬ ▬ ▬▬▬ ▬ ▬▬ ▬▬ ▬ ▬▬▬ ▬▬ ▬ ▬▬ ▬▬▬ ▬ ▬▬ ▬ ▬▬ ▬ ▬▬▬ ▬ ▬▬ ▬▬ ▬ ▬▬▬ ▬▬ ▬ ▬▬ ▬▬▬ ▬ ▬▬

V. Postquam vero Baptismus adultorum. ▬ ▬▬ ▬ ▬▬▬ ▬ ▬▬ ▬▬ ▬ ▬▬▬ ▬▬ ▬ ▬▬ ▬▬▬ ▬ ▬▬ ▬ ▬▬ ▬ ▬▬▬ ▬ ▬▬ ▬▬ ▬ ▬▬▬ ▬▬ ▬ ▬▬ ▬▬▬ ▬ ▬▬ ▬ ▬▬ ▬ ▬▬▬ ▬ ▬▬ ▬▬ ▬ ▬▬▬ ▬▬ ▬ ▬▬ ▬▬▬ ▬ ▬▬ ▬ ▬▬ ▬ ▬▬▬ ▬ ▬▬ ▬▬ ▬ ▬▬▬ ▬▬ ▬ ▬▬ ▬▬▬ ▬ ▬▬ ▬ ▬▬ ▬ ▬▬▬ ▬ ▬▬ ▬▬ ▬

Nonn
(9) De latis Patrinis Philippus Ludovici VII. Francorum Regis filius, vide infra; Rex Regum Franciae Ludovici Augusti; XII. Pauli IV. Philippi Ludovici VII. Ipsa Ordinum.
